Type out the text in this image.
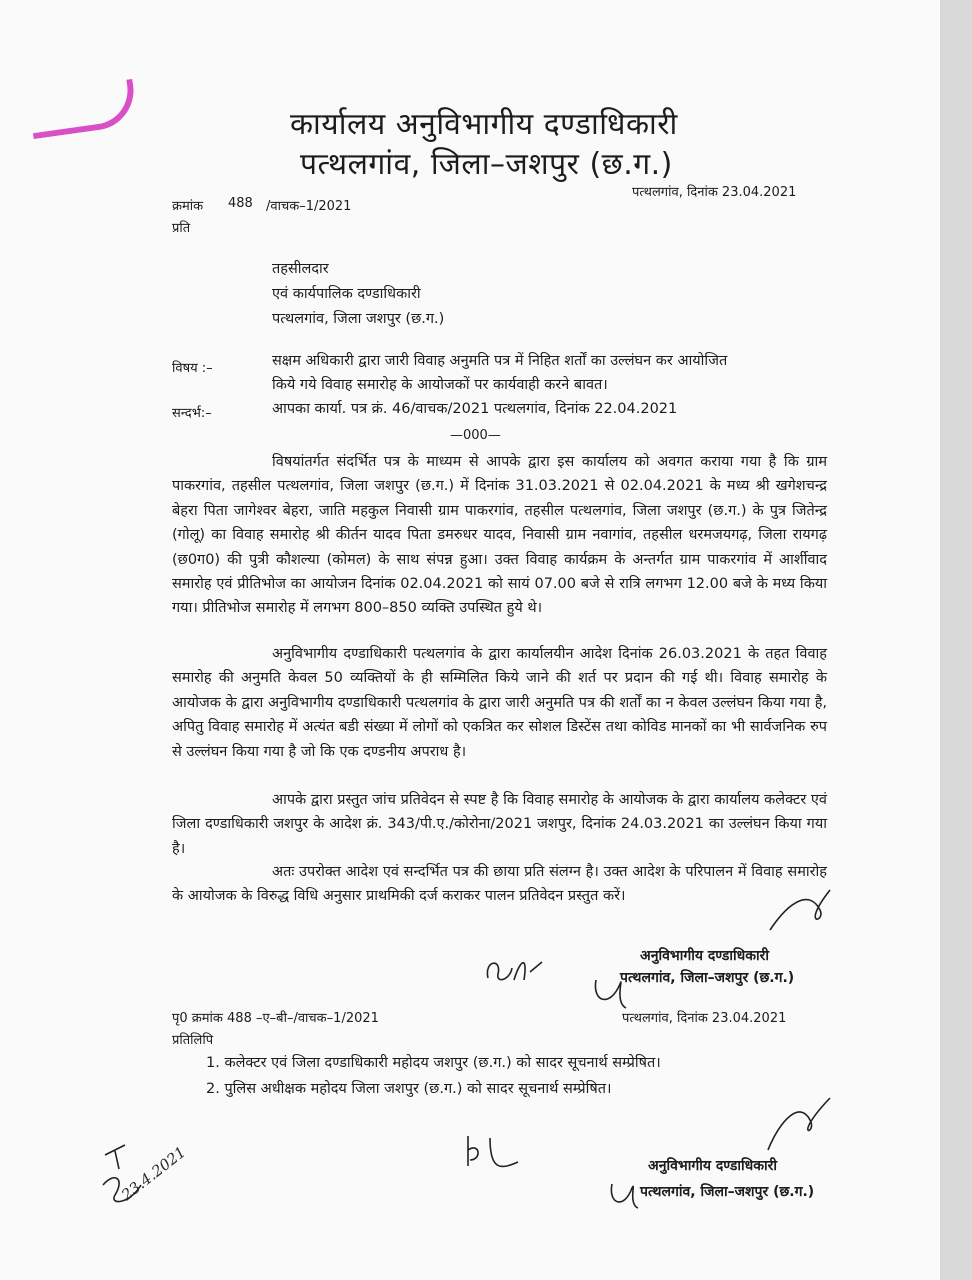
कार्यालय अनुविभागीय दण्डाधिकारी
पत्थलगांव, जिला–जशपुर (छ.ग.)
क्रमांक 488 /वाचक–1/2021
प्रति
पत्थलगांव, दिनांक 23.04.2021
तहसीलदार
एवं कार्यपालिक दण्डाधिकारी
पत्थलगांव, जिला जशपुर (छ.ग.)
विषय :–	सक्षम अधिकारी द्वारा जारी विवाह अनुमति पत्र में निहित शर्तों का उल्लंघन कर आयोजित
किये गये विवाह समारोह के आयोजकों पर कार्यवाही करने बावत।
सन्दर्भ:–	आपका कार्या. पत्र क्रं. 46/वाचक/2021 पत्थलगांव, दिनांक 22.04.2021
—000—
विषयांतर्गत संदर्भित पत्र के माध्यम से आपके द्वारा इस कार्यालय को अवगत कराया गया है कि ग्राम पाकरगांव, तहसील पत्थलगांव, जिला जशपुर (छ.ग.) में दिनांक 31.03.2021 से 02.04.2021 के मध्य श्री खगेशचन्द्र बेहरा पिता जागेश्वर बेहरा, जाति महकुल निवासी ग्राम पाकरगांव, तहसील पत्थलगांव, जिला जशपुर (छ.ग.) के पुत्र जितेन्द्र (गोलू) का विवाह समारोह श्री कीर्तन यादव पिता डमरुधर यादव, निवासी ग्राम नवागांव, तहसील धरमजयगढ़, जिला रायगढ़ (छ0ग0) की पुत्री कौशल्या (कोमल) के साथ संपन्न हुआ। उक्त विवाह कार्यक्रम के अन्तर्गत ग्राम पाकरगांव में आर्शीवाद समारोह एवं प्रीतिभोज का आयोजन दिनांक 02.04.2021 को सायं 07.00 बजे से रात्रि लगभग 12.00 बजे के मध्य किया गया। प्रीतिभोज समारोह में लगभग 800–850 व्यक्ति उपस्थित हुये थे।
अनुविभागीय दण्डाधिकारी पत्थलगांव के द्वारा कार्यालयीन आदेश दिनांक 26.03.2021 के तहत विवाह समारोह की अनुमति केवल 50 व्यक्तियों के ही सम्मिलित किये जाने की शर्त पर प्रदान की गई थी। विवाह समारोह के आयोजक के द्वारा अनुविभागीय दण्डाधिकारी पत्थलगांव के द्वारा जारी अनुमति पत्र की शर्तों का न केवल उल्लंघन किया गया है, अपितु विवाह समारोह में अत्यंत बडी संख्या में लोगों को एकत्रित कर सोशल डिस्टेंस तथा कोविड मानकों का भी सार्वजनिक रुप से उल्लंघन किया गया है जो कि एक दण्डनीय अपराध है।
आपके द्वारा प्रस्तुत जांच प्रतिवेदन से स्पष्ट है कि विवाह समारोह के आयोजक के द्वारा कार्यालय कलेक्टर एवं जिला दण्डाधिकारी जशपुर के आदेश क्रं. 343/पी.ए./कोरोना/2021 जशपुर, दिनांक 24.03.2021 का उल्लंघन किया गया है।
अतः उपरोक्त आदेश एवं सन्दर्भित पत्र की छाया प्रति संलग्न है। उक्त आदेश के परिपालन में विवाह समारोह के आयोजक के विरुद्ध विधि अनुसार प्राथमिकी दर्ज कराकर पालन प्रतिवेदन प्रस्तुत करें।
अनुविभागीय दण्डाधिकारी
पत्थलगांव, जिला–जशपुर (छ.ग.)
पृ0 क्रमांक 488 –ए–बी–/वाचक–1/2021	पत्थलगांव, दिनांक 23.04.2021
प्रतिलिपि
1. कलेक्टर एवं जिला दण्डाधिकारी महोदय जशपुर (छ.ग.) को सादर सूचनार्थ सम्प्रेषित।
2. पुलिस अधीक्षक महोदय जिला जशपुर (छ.ग.) को सादर सूचनार्थ सम्प्रेषित।
अनुविभागीय दण्डाधिकारी
पत्थलगांव, जिला–जशपुर (छ.ग.)
23.4.2021
